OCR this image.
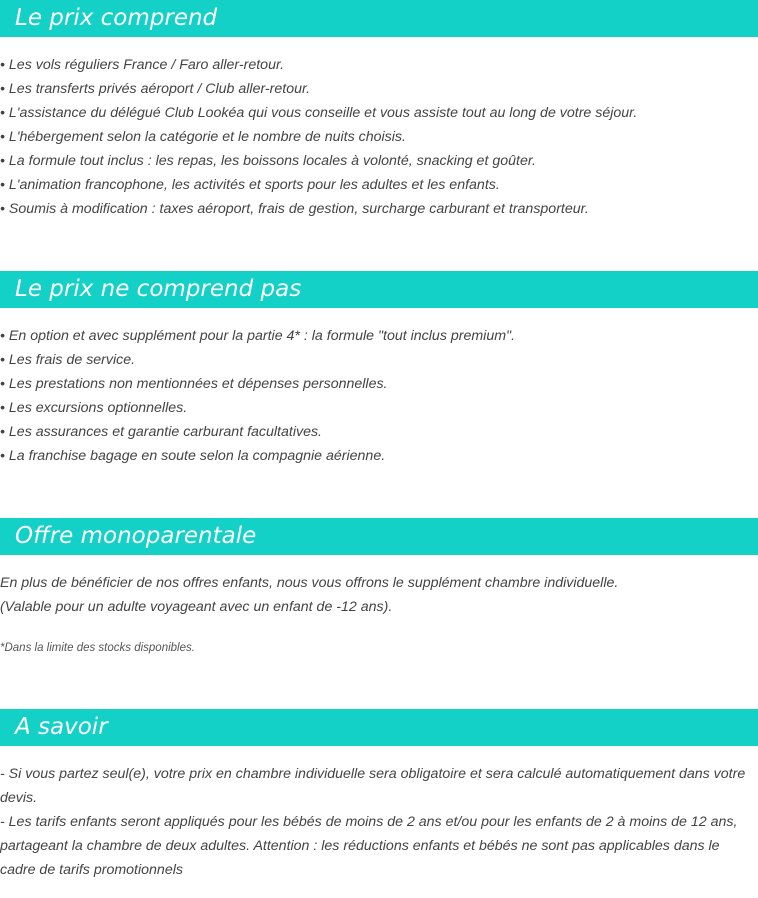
Le prix comprend
• Les vols réguliers France / Faro aller-retour.
• Les transferts privés aéroport / Club aller-retour.
• L'assistance du délégué Club Lookéa qui vous conseille et vous assiste tout au long de votre séjour.
• L'hébergement selon la catégorie et le nombre de nuits choisis.
• La formule tout inclus : les repas, les boissons locales à volonté, snacking et goûter.
• L'animation francophone, les activités et sports pour les adultes et les enfants.
• Soumis à modification : taxes aéroport, frais de gestion, surcharge carburant et transporteur.
Le prix ne comprend pas
• En option et avec supplément pour la partie 4* : la formule "tout inclus premium".
• Les frais de service.
• Les prestations non mentionnées et dépenses personnelles.
• Les excursions optionnelles.
• Les assurances et garantie carburant facultatives.
• La franchise bagage en soute selon la compagnie aérienne.
Offre monoparentale
En plus de bénéficier de nos offres enfants, nous vous offrons le supplément chambre individuelle.
(Valable pour un adulte voyageant avec un enfant de -12 ans).

*Dans la limite des stocks disponibles.

A savoir

- Si vous partez seul(e), votre prix en chambre individuelle sera obligatoire et sera calculé automatiquement dans votre devis.

- Les tarifs enfants seront appliqués pour les bébés de moins de 2 ans et/ou pour les enfants de 2 à moins de 12 ans, partageant la chambre de deux adultes. Attention : les réductions enfants et bébés ne sont pas applicables dans le cadre de tarifs promotionnels
